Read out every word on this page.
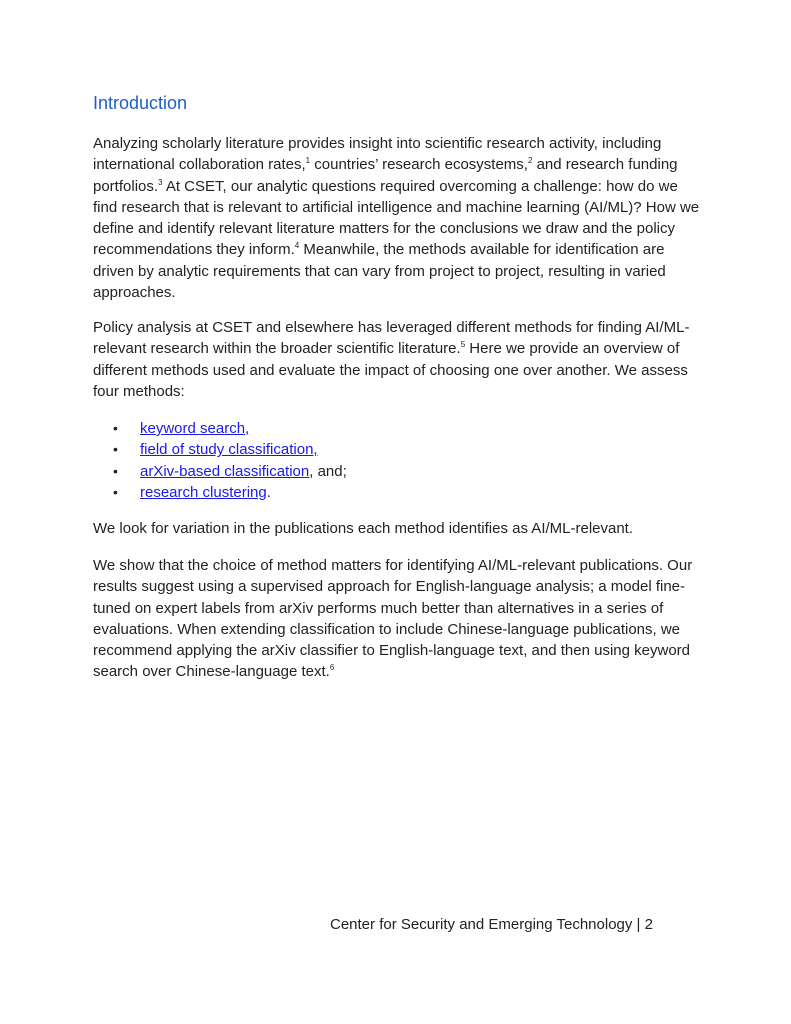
Introduction

Analyzing scholarly literature provides insight into scientific research activity, including international collaboration rates,$^1$ countries’ research ecosystems,$^2$ and research funding portfolios.$^3$ At CSET, our analytic questions required overcoming a challenge: how do we find research that is relevant to artificial intelligence and machine learning (AI/ML)? How we define and identify relevant literature matters for the conclusions we draw and the policy recommendations they inform.$^4$ Meanwhile, the methods available for identification are driven by analytic requirements that can vary from project to project, resulting in varied approaches.

Policy analysis at CSET and elsewhere has leveraged different methods for finding AI/ML-relevant research within the broader scientific literature.$^5$ Here we provide an overview of different methods used and evaluate the impact of choosing one over another. We assess four methods:

• keyword search,
• field of study classification,
• arXiv-based classification, and;
• research clustering.

We look for variation in the publications each method identifies as AI/ML-relevant.

We show that the choice of method matters for identifying AI/ML-relevant publications. Our results suggest using a supervised approach for English-language analysis; a model fine-tuned on expert labels from arXiv performs much better than alternatives in a series of evaluations. When extending classification to include Chinese-language publications, we recommend applying the arXiv classifier to English-language text, and then using keyword search over Chinese-language text.$^6$

Center for Security and Emerging Technology | 2
